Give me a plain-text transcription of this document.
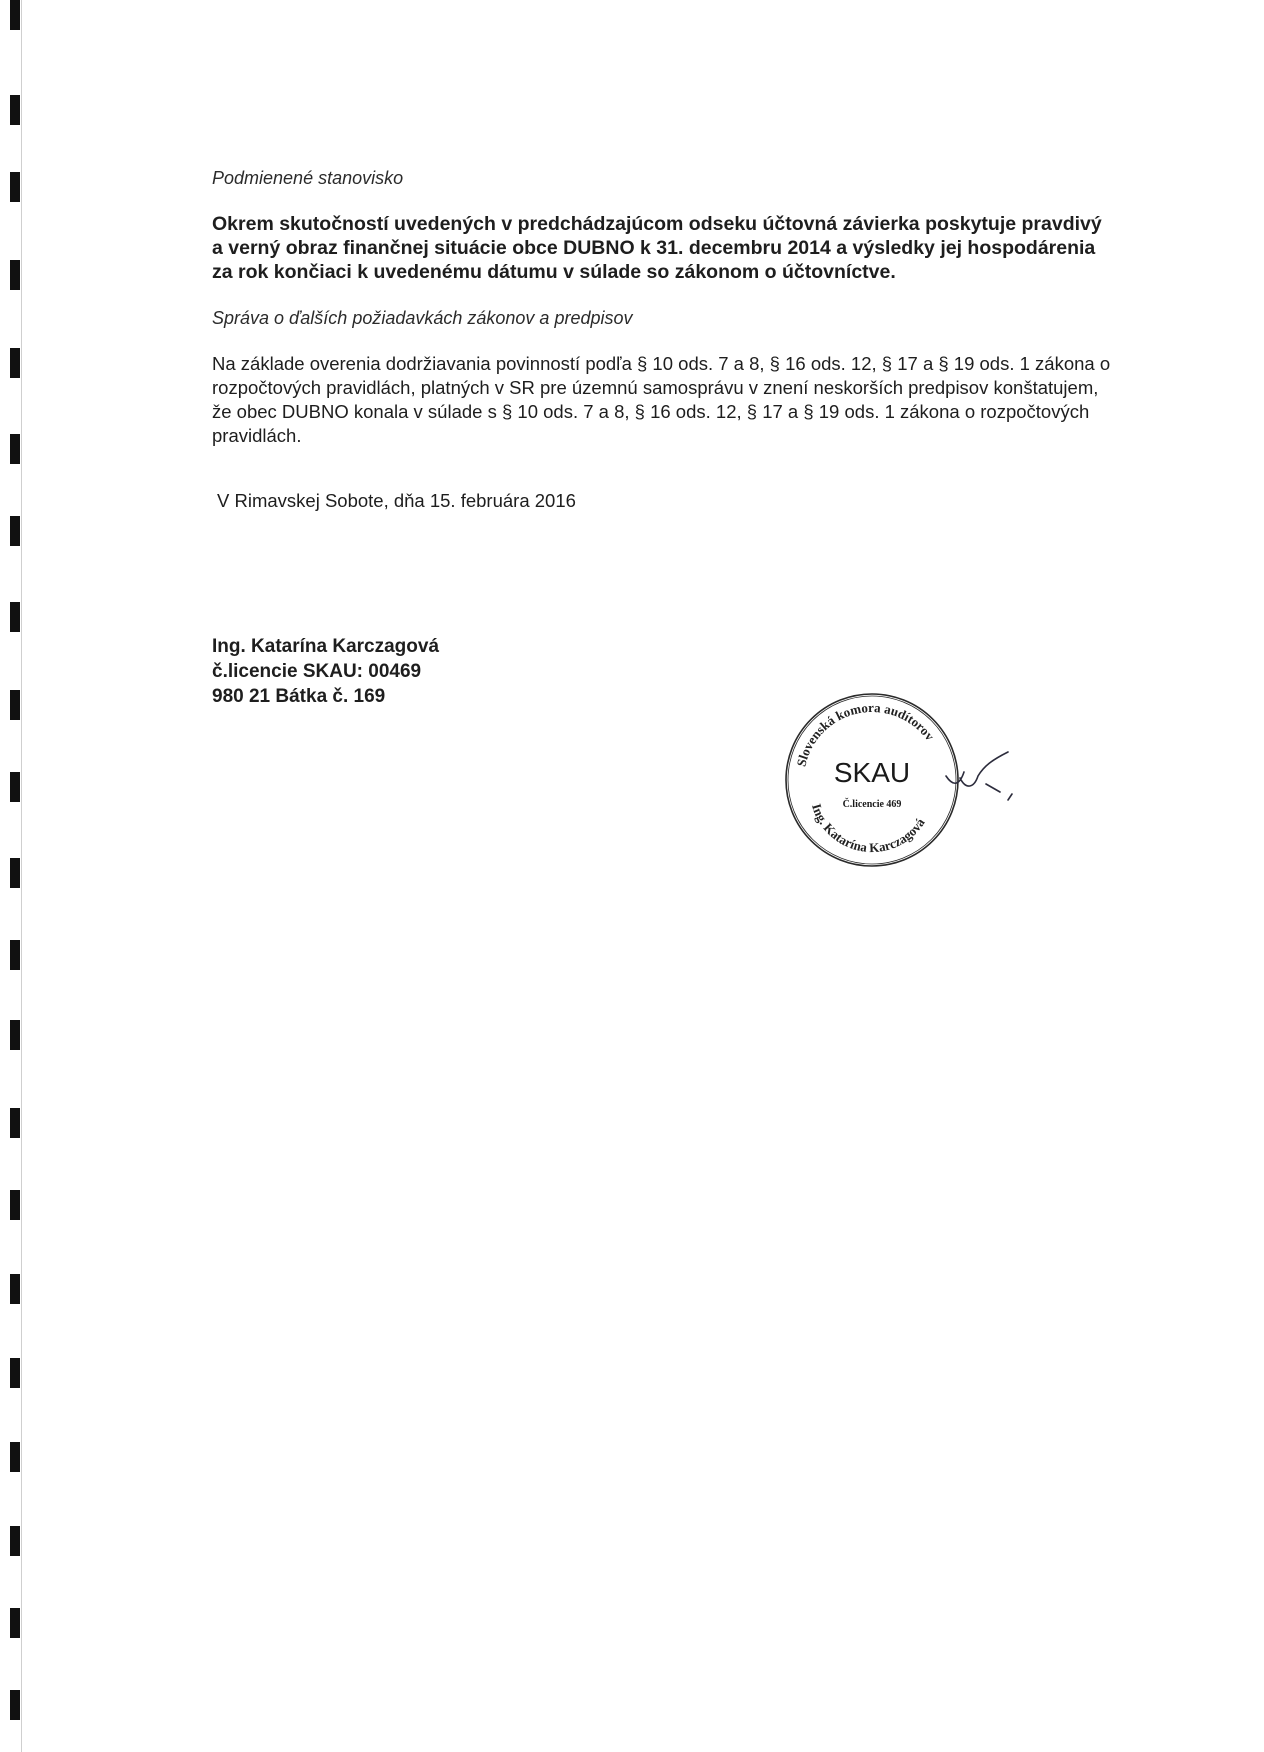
Podmienené stanovisko

Okrem skutočností uvedených v predchádzajúcom odseku účtovná závierka poskytuje pravdivý a verný obraz finančnej situácie obce DUBNO k 31. decembru 2014 a výsledky jej hospodárenia za rok končiaci k uvedenému dátumu v súlade so zákonom o účtovníctve.

Správa o ďalších požiadavkách zákonov a predpisov

Na základe overenia dodržiavania povinností podľa § 10 ods. 7 a 8, § 16 ods. 12, § 17 a § 19 ods. 1 zákona o rozpočtových pravidlách, platných v SR pre územnú samosprávu v znení neskorších predpisov konštatujem, že obec DUBNO konala v súlade s § 10 ods. 7 a 8, § 16 ods. 12, § 17 a § 19 ods. 1 zákona o rozpočtových pravidlách.

V Rimavskej Sobote, dňa 15. februára 2016

Ing. Katarína Karczagová
č.licencie SKAU: 00469
980 21 Bátka č. 169
Slovenská komora audítorov
Ing. Katarína Karczagová
SKAU
Č.licencie 469
